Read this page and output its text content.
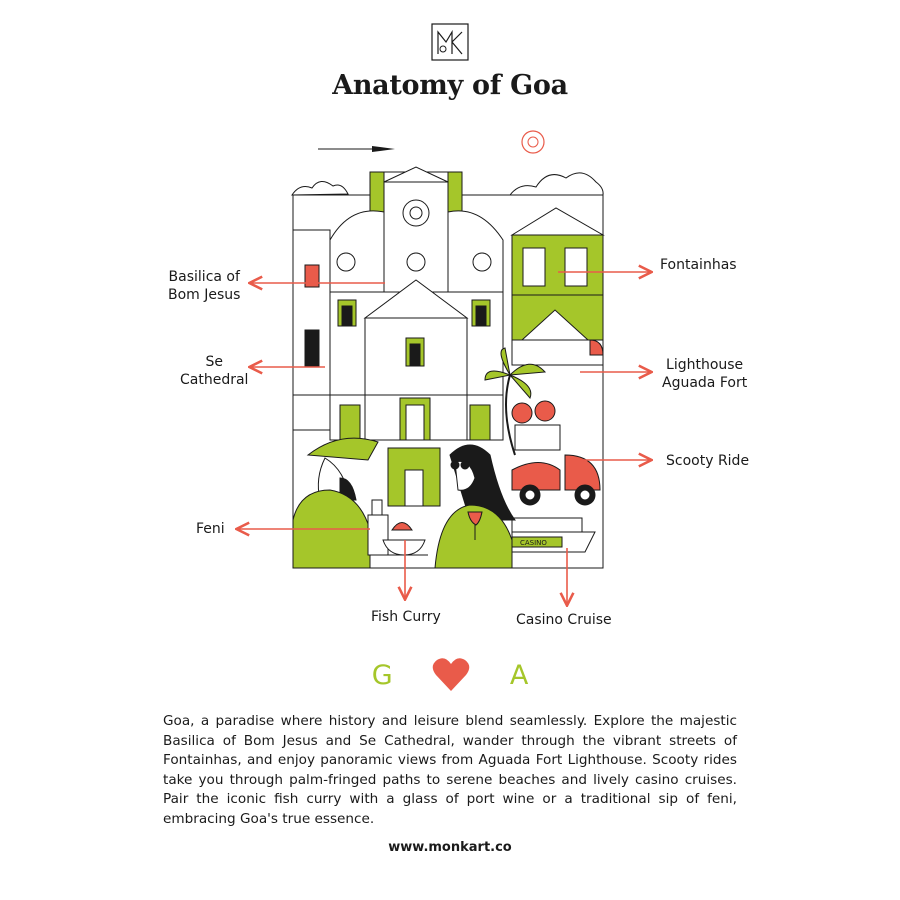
Anatomy of Goa
CASINO
Basilica of
Bom Jesus
Se
Cathedral
Feni
Fish Curry	Casino Cruise
Fontainhas
Lighthouse
Aguada Fort
Scooty Ride
G	A
Goa, a paradise where history and leisure blend seamlessly. Explore the majestic Basilica of Bom Jesus and Se Cathedral, wander through the vibrant streets of Fontainhas, and enjoy panoramic views from Aguada Fort Lighthouse. Scooty rides take you through palm-fringed paths to serene beaches and lively casino cruises. Pair the iconic fish curry with a glass of port wine or a traditional sip of feni, embracing Goa's true essence.
www.monkart.co
